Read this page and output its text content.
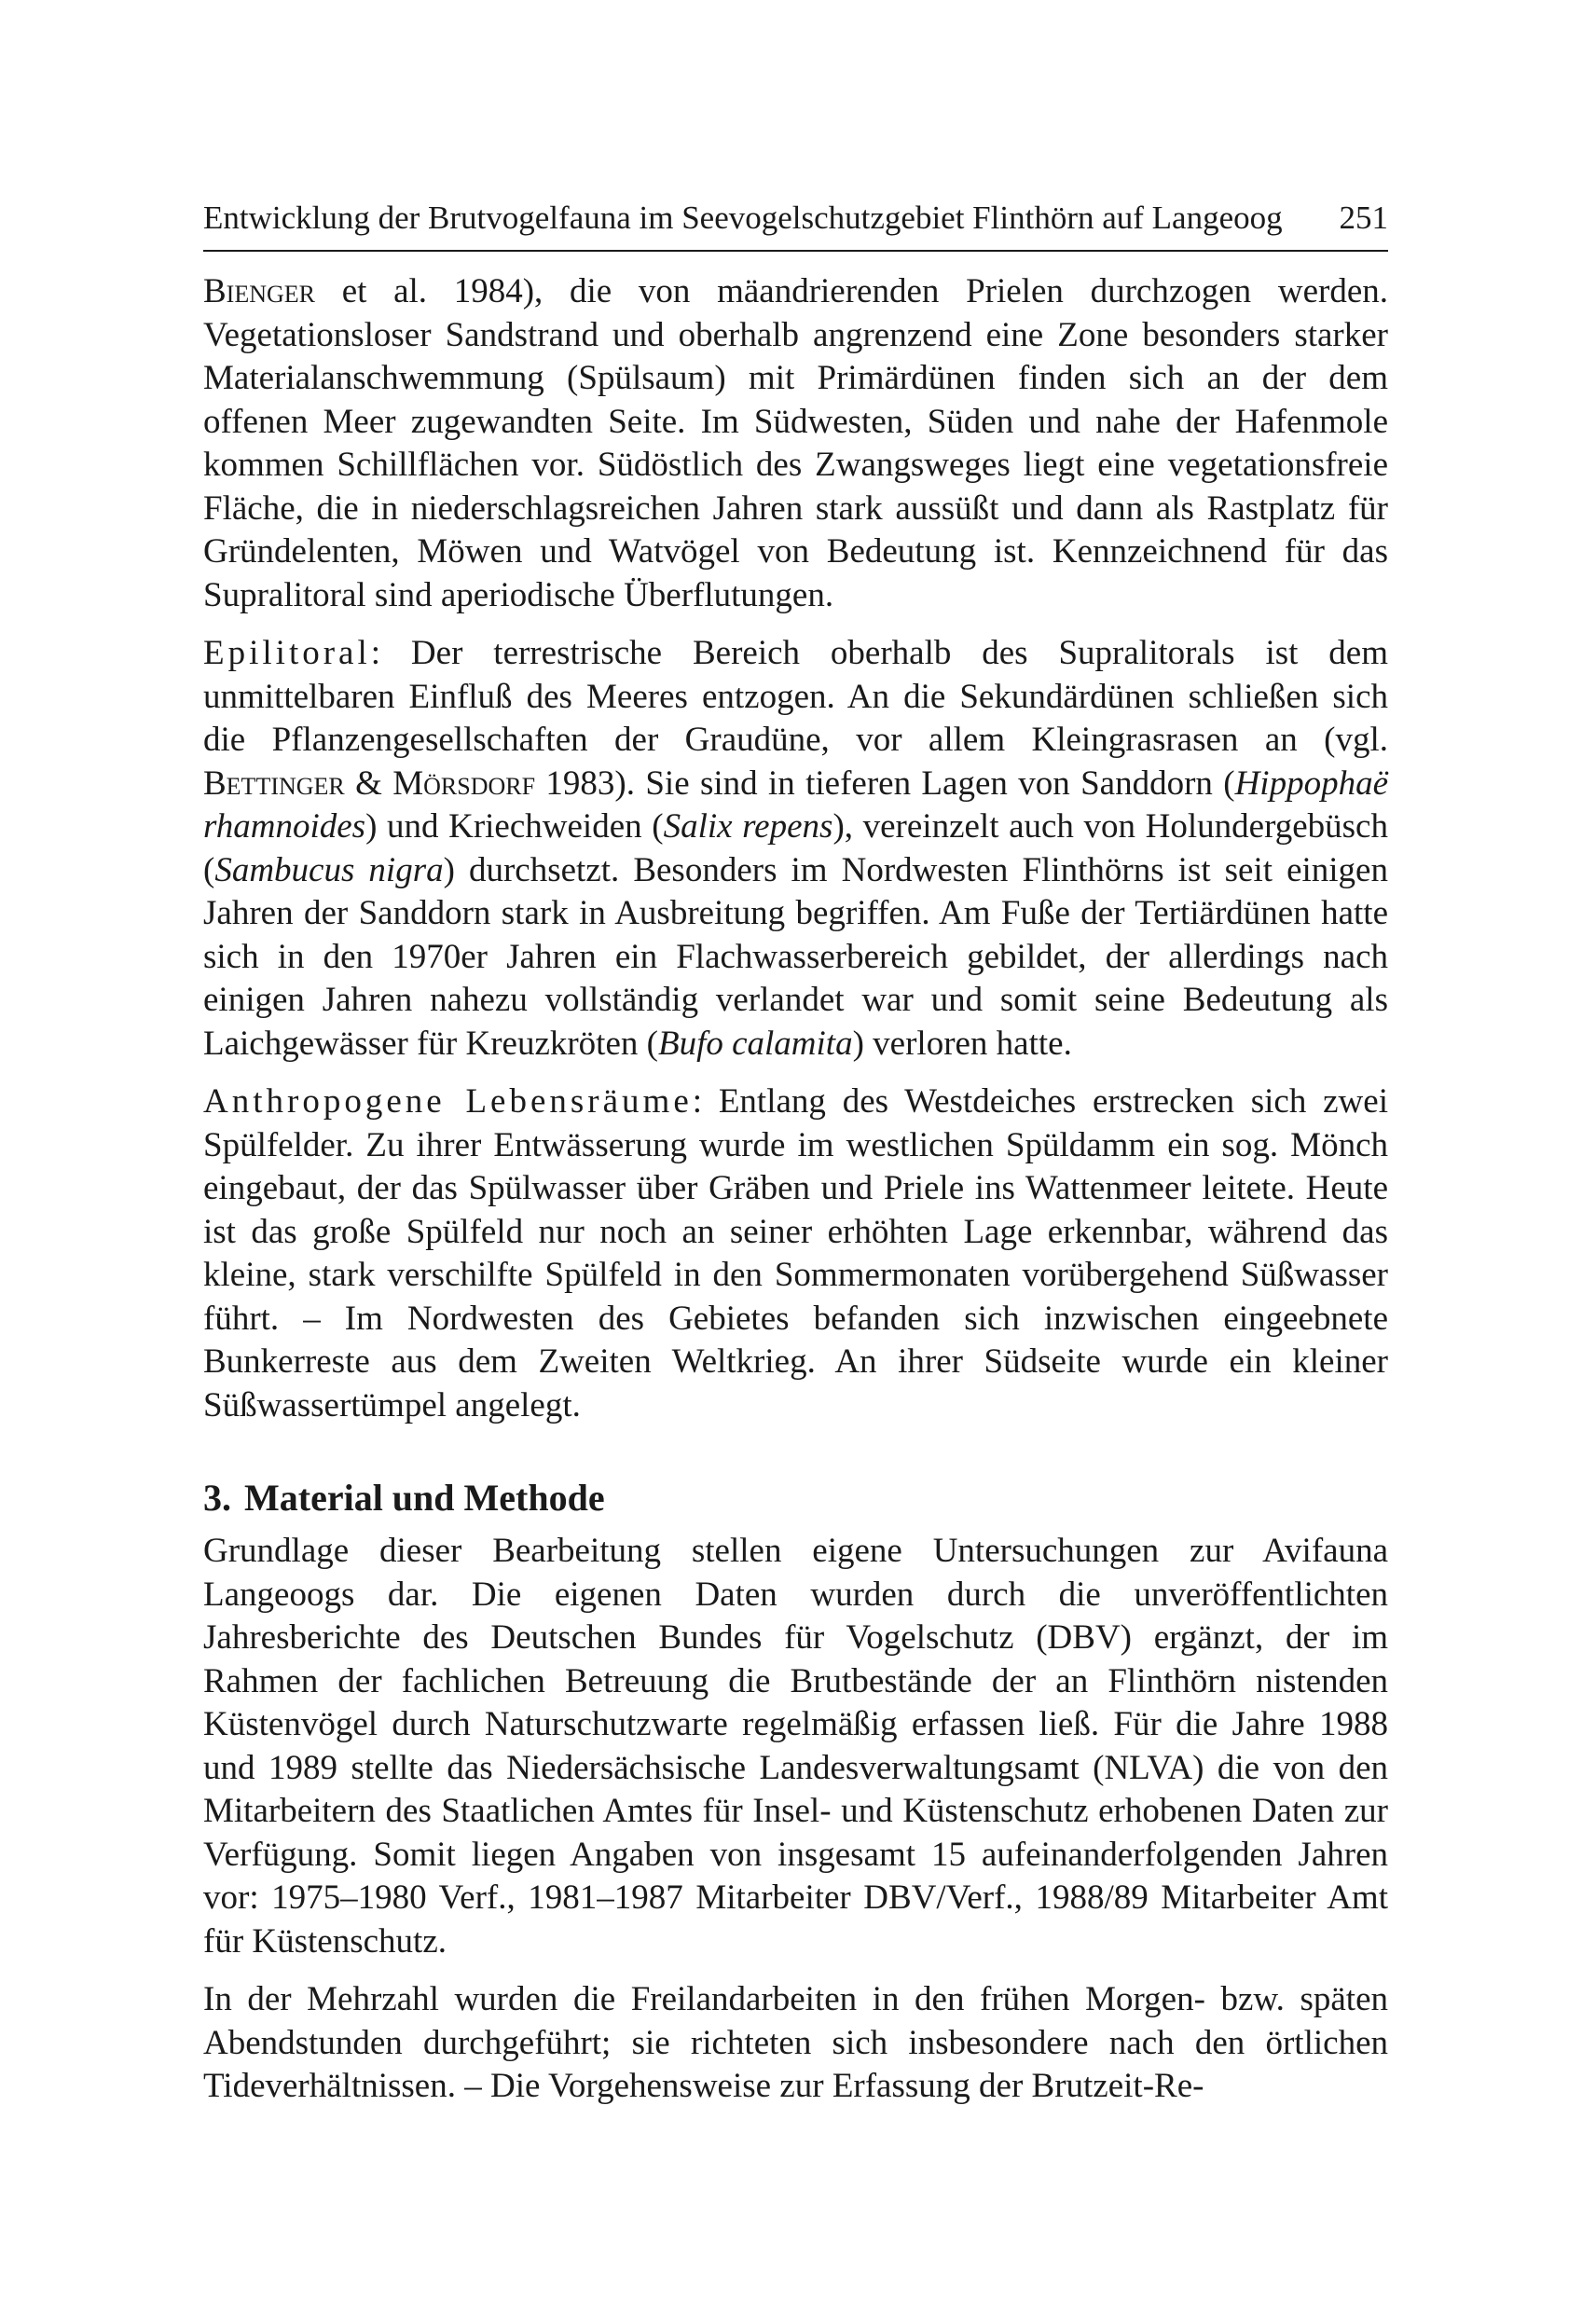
Entwicklung der Brutvogelfauna im Seevogelschutzgebiet Flinthörn auf Langeoog 251

Bienger et al. 1984), die von mäandrierenden Prielen durchzogen werden. Vegetationsloser Sandstrand und oberhalb angrenzend eine Zone besonders starker Materialanschwemmung (Spülsaum) mit Primärdünen finden sich an der dem offenen Meer zugewandten Seite. Im Südwesten, Süden und nahe der Hafenmole kommen Schillflächen vor. Südöstlich des Zwangsweges liegt eine vegetationsfreie Fläche, die in niederschlagsreichen Jahren stark aussüßt und dann als Rastplatz für Gründelenten, Möwen und Watvögel von Bedeutung ist. Kennzeichnend für das Supralitoral sind aperiodische Überflutungen.

Epilitoral: Der terrestrische Bereich oberhalb des Supralitorals ist dem unmittelbaren Einfluß des Meeres entzogen. An die Sekundärdünen schließen sich die Pflanzengesellschaften der Graudüne, vor allem Kleingrasrasen an (vgl. Bettinger & Mörsdorf 1983). Sie sind in tieferen Lagen von Sanddorn (Hippophaë rhamnoides) und Kriechweiden (Salix repens), vereinzelt auch von Holundergebüsch (Sambucus nigra) durchsetzt. Besonders im Nordwesten Flinthörns ist seit einigen Jahren der Sanddorn stark in Ausbreitung begriffen. Am Fuße der Tertiärdünen hatte sich in den 1970er Jahren ein Flachwasserbereich gebildet, der allerdings nach einigen Jahren nahezu vollständig verlandet war und somit seine Bedeutung als Laichgewässer für Kreuzkröten (Bufo calamita) verloren hatte.

Anthropogene Lebensräume: Entlang des Westdeiches erstrecken sich zwei Spülfelder. Zu ihrer Entwässerung wurde im westlichen Spüldamm ein sog. Mönch eingebaut, der das Spülwasser über Gräben und Priele ins Wattenmeer leitete. Heute ist das große Spülfeld nur noch an seiner erhöhten Lage erkennbar, während das kleine, stark verschilfte Spülfeld in den Sommermonaten vorübergehend Süßwasser führt. – Im Nordwesten des Gebietes befanden sich inzwischen eingeebnete Bunkerreste aus dem Zweiten Weltkrieg. An ihrer Südseite wurde ein kleiner Süßwassertümpel angelegt.

3. Material und Methode

Grundlage dieser Bearbeitung stellen eigene Untersuchungen zur Avifauna Langeoogs dar. Die eigenen Daten wurden durch die unveröffentlichten Jahresberichte des Deutschen Bundes für Vogelschutz (DBV) ergänzt, der im Rahmen der fachlichen Betreuung die Brutbestände der an Flinthörn nistenden Küstenvögel durch Naturschutzwarte regelmäßig erfassen ließ. Für die Jahre 1988 und 1989 stellte das Niedersächsische Landesverwaltungsamt (NLVA) die von den Mitarbeitern des Staatlichen Amtes für Insel- und Küstenschutz erhobenen Daten zur Verfügung. Somit liegen Angaben von insgesamt 15 aufeinanderfolgenden Jahren vor: 1975–1980 Verf., 1981–1987 Mitarbeiter DBV/Verf., 1988/89 Mitarbeiter Amt für Küstenschutz.

In der Mehrzahl wurden die Freilandarbeiten in den frühen Morgen- bzw. späten Abendstunden durchgeführt; sie richteten sich insbesondere nach den örtlichen Tideverhältnissen. – Die Vorgehensweise zur Erfassung der Brutzeit-Re-
